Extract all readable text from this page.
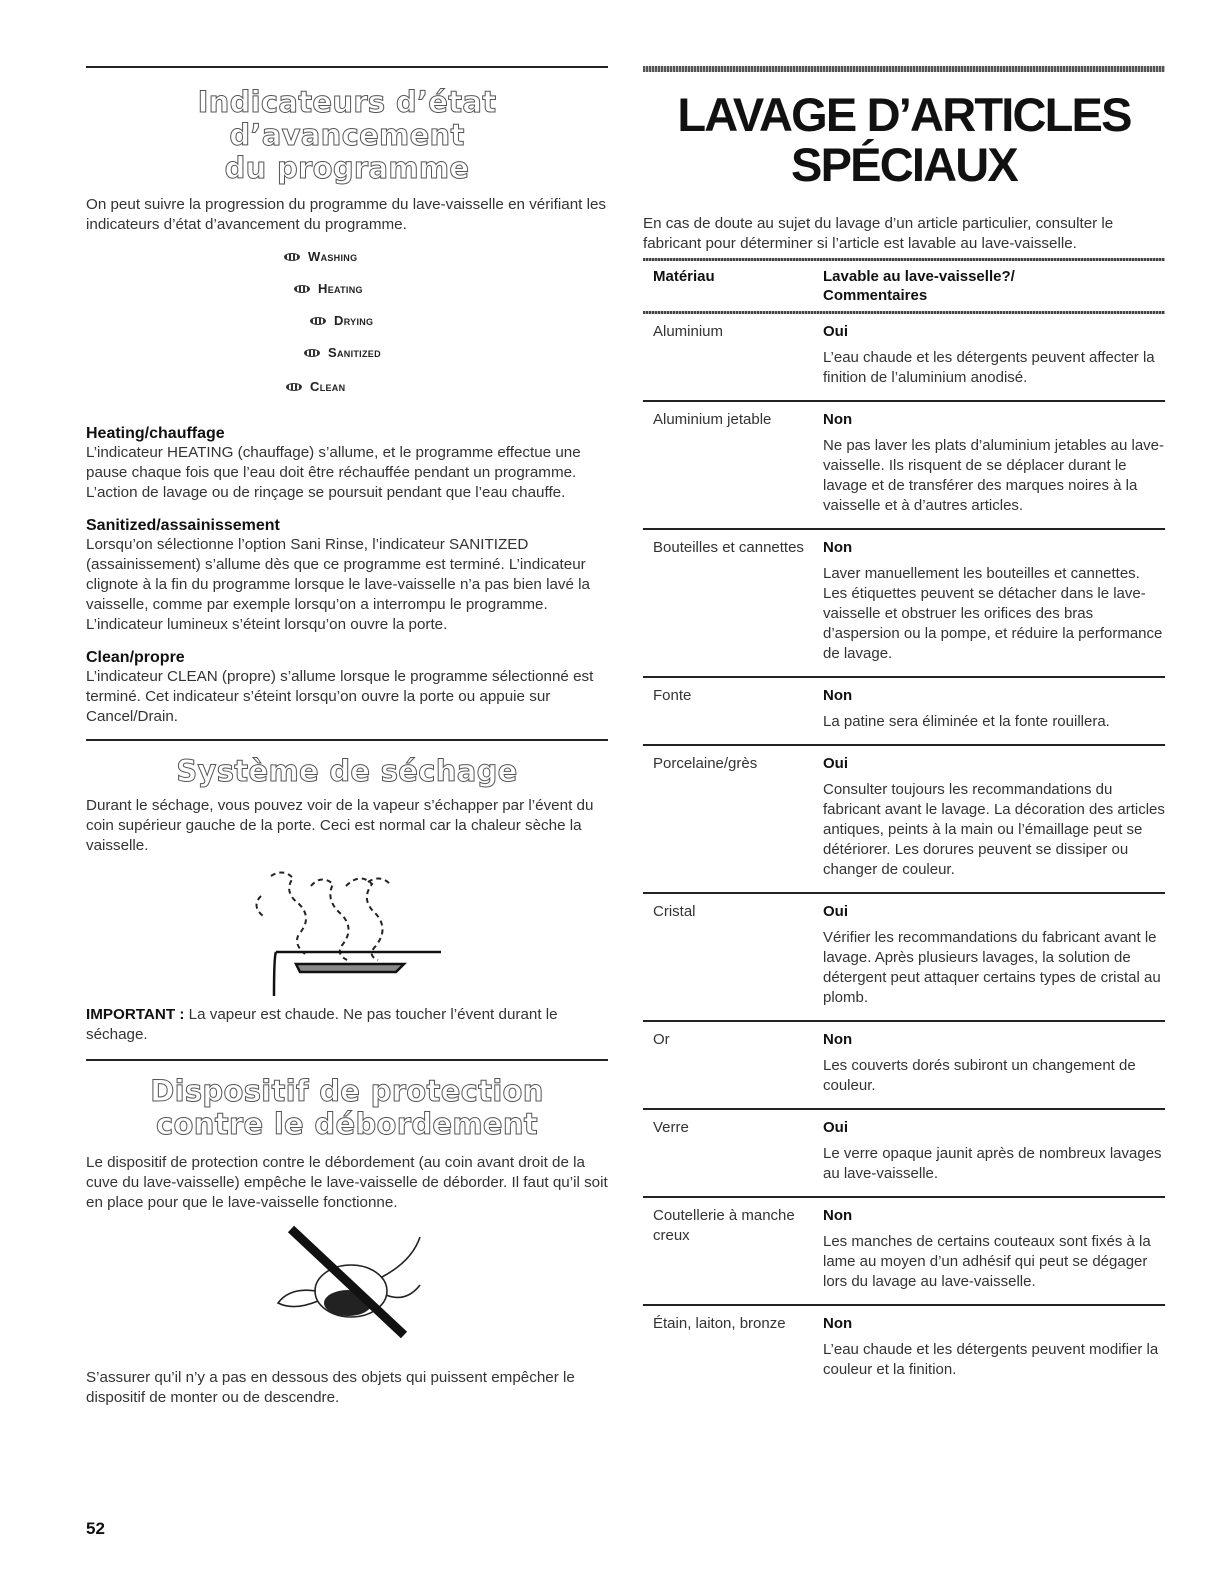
Indicateurs d’état d’avancement
du programme

On peut suivre la progression du programme du lave-vaisselle en vérifiant les indicateurs d’état d’avancement du programme.

Washing
Heating
Drying
Sanitized
Clean
Heating/chauffage

L’indicateur HEATING (chauffage) s’allume, et le programme effectue une pause chaque fois que l’eau doit être réchauffée pendant un programme. L’action de lavage ou de rinçage se poursuit pendant que l’eau chauffe.

Sanitized/assainissement

Lorsqu’on sélectionne l’option Sani Rinse, l’indicateur SANITIZED (assainissement) s’allume dès que ce programme est terminé. L’indicateur clignote à la fin du programme lorsque le lave-vaisselle n’a pas bien lavé la vaisselle, comme par exemple lorsqu’on a interrompu le programme. L’indicateur lumineux s’éteint lorsqu’on ouvre la porte.

Clean/propre

L’indicateur CLEAN (propre) s’allume lorsque le programme sélectionné est terminé. Cet indicateur s’éteint lorsqu’on ouvre la porte ou appuie sur Cancel/Drain.

Système de séchage

Durant le séchage, vous pouvez voir de la vapeur s’échapper par l’évent du coin supérieur gauche de la porte. Ceci est normal car la chaleur sèche la vaisselle.

IMPORTANT : La vapeur est chaude. Ne pas toucher l’évent durant le séchage.

Dispositif de protection
contre le débordement

Le dispositif de protection contre le débordement (au coin avant droit de la cuve du lave-vaisselle) empêche le lave-vaisselle de déborder. Il faut qu’il soit en place pour que le lave-vaisselle fonctionne.

S’assurer qu’il n’y a pas en dessous des objets qui puissent empêcher le dispositif de monter ou de descendre.

LAVAGE D’ARTICLES
SPÉCIAUX

En cas de doute au sujet du lavage d’un article particulier, consulter le fabricant pour déterminer si l’article est lavable au lave-vaisselle.

Matériau	Lavable au lave-vaisselle?/
Commentaires

Aluminium	Oui
L’eau chaude et les détergents peuvent affecter la finition de l’aluminium anodisé.

Aluminium jetable	Non
Ne pas laver les plats d’aluminium jetables au lave-vaisselle. Ils risquent de se déplacer durant le lavage et de transférer des marques noires à la vaisselle et à d’autres articles.

Bouteilles et cannettes	Non
Laver manuellement les bouteilles et cannettes. Les étiquettes peuvent se détacher dans le lave-vaisselle et obstruer les orifices des bras d’aspersion ou la pompe, et réduire la performance de lavage.

Fonte	Non
La patine sera éliminée et la fonte rouillera.

Porcelaine/grès	Oui
Consulter toujours les recommandations du fabricant avant le lavage. La décoration des articles antiques, peints à la main ou l’émaillage peut se détériorer. Les dorures peuvent se dissiper ou changer de couleur.

Cristal	Oui
Vérifier les recommandations du fabricant avant le lavage. Après plusieurs lavages, la solution de détergent peut attaquer certains types de cristal au plomb.

Or	Non
Les couverts dorés subiront un changement de couleur.

Verre	Oui
Le verre opaque jaunit après de nombreux lavages au lave-vaisselle.

Coutellerie à manche creux	Non
Les manches de certains couteaux sont fixés à la lame au moyen d’un adhésif qui peut se dégager lors du lavage au lave-vaisselle.

Étain, laiton, bronze	Non
L’eau chaude et les détergents peuvent modifier la couleur et la finition.
52
